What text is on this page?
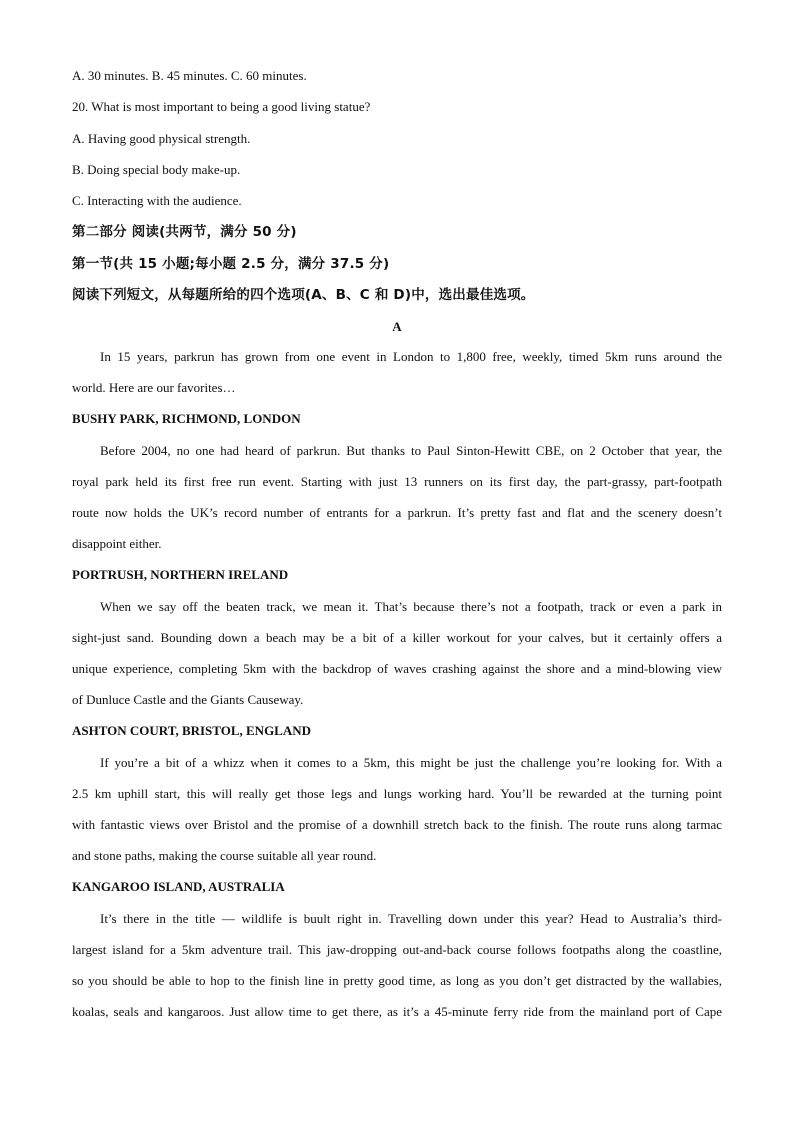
A. 30 minutes. B. 45 minutes. C. 60 minutes.

20. What is most important to being a good living statue?

A. Having good physical strength.

B. Doing special body make-up.

C. Interacting with the audience.

第二部分 阅读(共两节，满分 50 分)

第一节(共 15 小题;每小题 2.5 分，满分 37.5 分)

阅读下列短文，从每题所给的四个选项(A、B、C 和 D)中，选出最佳选项。

A

In 15 years, parkrun has grown from one event in London to 1,800 free, weekly, timed 5km runs around the

world. Here are our favorites…

BUSHY PARK, RICHMOND, LONDON

Before 2004, no one had heard of parkrun. But thanks to Paul Sinton-Hewitt CBE, on 2 October that year, the

royal park held its first free run event. Starting with just 13 runners on its first day, the part-grassy, part-footpath

route now holds the UK’s record number of entrants for a parkrun. It’s pretty fast and flat and the scenery doesn’t

disappoint either.

PORTRUSH, NORTHERN IRELAND

When we say off the beaten track, we mean it. That’s because there’s not a footpath, track or even a park in

sight-just sand. Bounding down a beach may be a bit of a killer workout for your calves, but it certainly offers a

unique experience, completing 5km with the backdrop of waves crashing against the shore and a mind-blowing view

of Dunluce Castle and the Giants Causeway.

ASHTON COURT, BRISTOL, ENGLAND

If you’re a bit of a whizz when it comes to a 5km, this might be just the challenge you’re looking for. With a

2.5 km uphill start, this will really get those legs and lungs working hard. You’ll be rewarded at the turning point

with fantastic views over Bristol and the promise of a downhill stretch back to the finish. The route runs along tarmac

and stone paths, making the course suitable all year round.

KANGAROO ISLAND, AUSTRALIA

It’s there in the title — wildlife is buult right in. Travelling down under this year? Head to Australia’s third-

largest island for a 5km adventure trail. This jaw-dropping out-and-back course follows footpaths along the coastline,

so you should be able to hop to the finish line in pretty good time, as long as you don’t get distracted by the wallabies,

koalas, seals and kangaroos. Just allow time to get there, as it’s a 45-minute ferry ride from the mainland port of Cape
